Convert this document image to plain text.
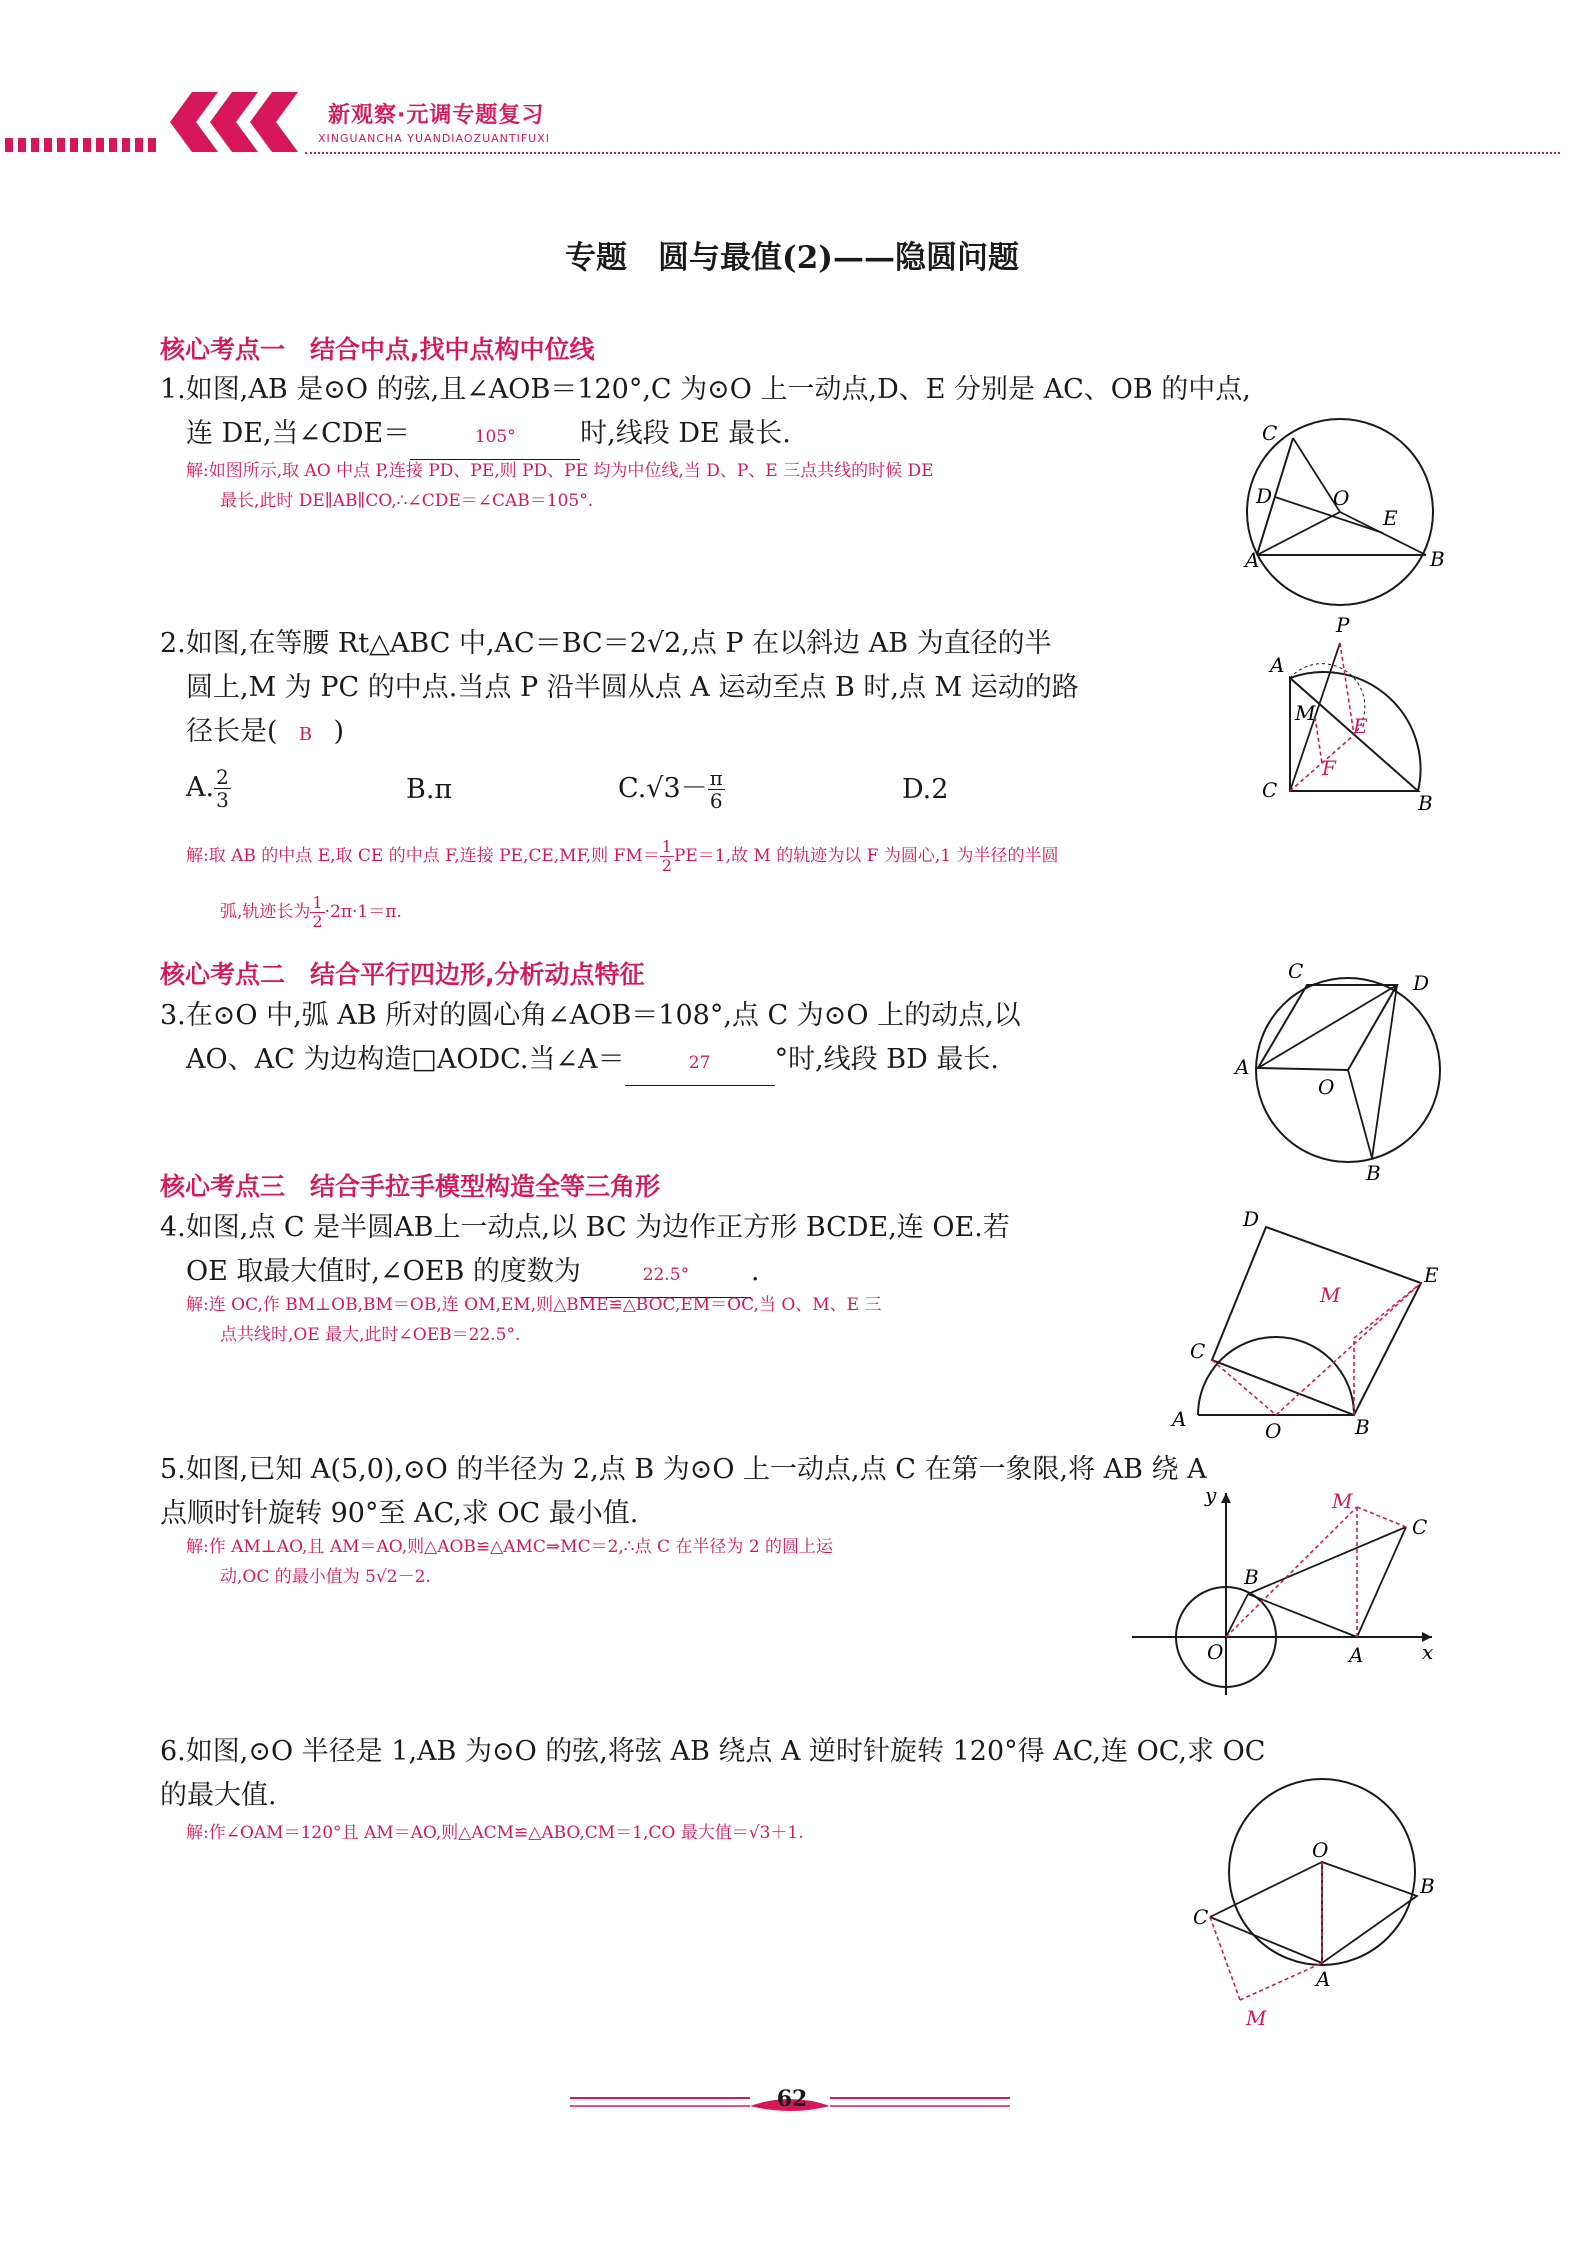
新观察·元调专题复习
XINGUANCHA YUANDIAOZUANTIFUXI
专题　圆与最值(2)——隐圆问题
核心考点一　结合中点,找中点构中位线
1.如图,AB 是⊙O 的弦,且∠AOB＝120°,C 为⊙O 上一动点,D、E 分别是 AC、OB 的中点,
连 DE,当∠CDE＝	105° 时,线段 DE 最长.
解:如图所示,取 AO 中点 P,连接 PD、PE,则 PD、PE 均为中位线,当 D、P、E 三点共线的时候 DE
最长,此时 DE∥AB∥CO,∴∠CDE＝∠CAB＝105°.
C
D	O
E
A	B
2.如图,在等腰 Rt△ABC 中,AC＝BC＝2√2,点 P 在以斜边 AB 为直径的半
圆上,M 为 PC 的中点.当点 P 沿半圆从点 A 运动至点 B 时,点 M 运动的路
径长是( B )
A. $\frac{2}{3}$	B.π	$C.√3- \frac{\pi}{6}$	D.2
解:取 AB 的中点 E,取 CE 的中点 F,连接 PE,CE,MF,则 $FM= \frac{1}{2} PE=1$,故 M 的轨迹为以 F 为圆心,1 为半径的半圆
弧,轨迹长为 $\frac{1}{2} \cdot 2\pi\cdot 1=\pi$.
P
A
M
E
F
C
B
核心考点二　结合平行四边形,分析动点特征
3.在⊙O 中,弧 AB 所对的圆心角∠AOB＝108°,点 C 为⊙O 上的动点,以
AO、AC 为边构造□AODC.当∠A＝	27 °时,线段 BD 最长.
C	D
A
O
B
核心考点三　结合手拉手模型构造全等三角形
4.如图,点 C 是半圆AB上一动点,以 BC 为边作正方形 BCDE,连 OE.若
OE 取最大值时,∠OEB 的度数为	22.5° .
解:连 OC,作 BM⊥OB,BM＝OB,连 OM,EM,则△BME≌△BOC,EM＝OC,当 O、M、E 三
点共线时,OE 最大,此时∠OEB＝22.5°.
D
E
M
C
A	O	B
5.如图,已知 A(5,0),⊙O 的半径为 2,点 B 为⊙O 上一动点,点 C 在第一象限,将 AB 绕 A
点顺时针旋转 90°至 AC,求 OC 最小值.
解:作 AM⊥AO,且 AM＝AO,则△AOB≌△AMC⇒MC＝2,∴点 C 在半径为 2 的圆上运
动,OC 的最小值为 5√2－2.
y	M
C
B
O	A	x
6.如图,⊙O 半径是 1,AB 为⊙O 的弦,将弦 AB 绕点 A 逆时针旋转 120°得 AC,连 OC,求 OC
的最大值.
解:作∠OAM＝120°且 AM＝AO,则△ACM≌△ABO,CM＝1,CO 最大值＝√3＋1.
O
B
C
A
M
62
